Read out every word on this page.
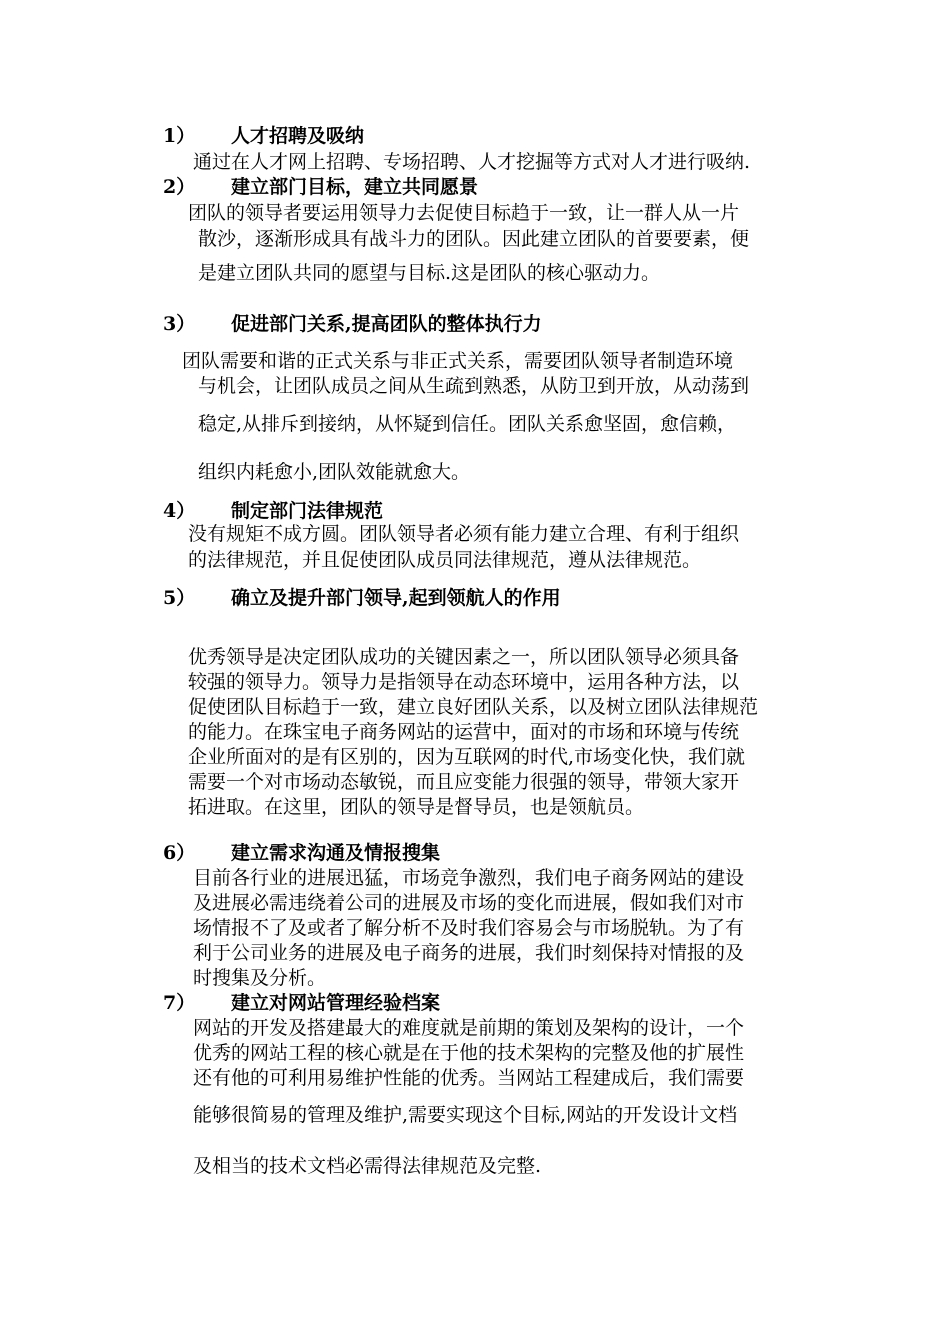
1） 人才招聘及吸纳
通过在人才网上招聘、专场招聘、人才挖掘等方式对人才进行吸纳.
2） 建立部门目标，建立共同愿景
团队的领导者要运用领导力去促使目标趋于一致，让一群人从一片
散沙，逐渐形成具有战斗力的团队。因此建立团队的首要要素，便
是建立团队共同的愿望与目标.这是团队的核心驱动力。
3） 促进部门关系,提高团队的整体执行力
团队需要和谐的正式关系与非正式关系，需要团队领导者制造环境
与机会，让团队成员之间从生疏到熟悉，从防卫到开放，从动荡到
稳定,从排斥到接纳，从怀疑到信任。团队关系愈坚固，愈信赖，
组织内耗愈小,团队效能就愈大。
4） 制定部门法律规范
没有规矩不成方圆。团队领导者必须有能力建立合理、有利于组织
的法律规范，并且促使团队成员同法律规范，遵从法律规范。
5） 确立及提升部门领导,起到领航人的作用
优秀领导是决定团队成功的关键因素之一，所以团队领导必须具备
较强的领导力。领导力是指领导在动态环境中，运用各种方法，以
促使团队目标趋于一致，建立良好团队关系，以及树立团队法律规范
的能力。在珠宝电子商务网站的运营中，面对的市场和环境与传统
企业所面对的是有区别的，因为互联网的时代,市场变化快，我们就
需要一个对市场动态敏锐，而且应变能力很强的领导，带领大家开
拓进取。在这里，团队的领导是督导员，也是领航员。
6） 建立需求沟通及情报搜集
目前各行业的进展迅猛，市场竞争激烈，我们电子商务网站的建设
及进展必需违绕着公司的进展及市场的变化而进展，假如我们对市
场情报不了及或者了解分析不及时我们容易会与市场脱轨。为了有
利于公司业务的进展及电子商务的进展，我们时刻保持对情报的及
时搜集及分析。
7） 建立对网站管理经验档案
网站的开发及搭建最大的难度就是前期的策划及架构的设计，一个
优秀的网站工程的核心就是在于他的技术架构的完整及他的扩展性
还有他的可利用易维护性能的优秀。当网站工程建成后，我们需要
能够很简易的管理及维护,需要实现这个目标,网站的开发设计文档
及相当的技术文档必需得法律规范及完整.
